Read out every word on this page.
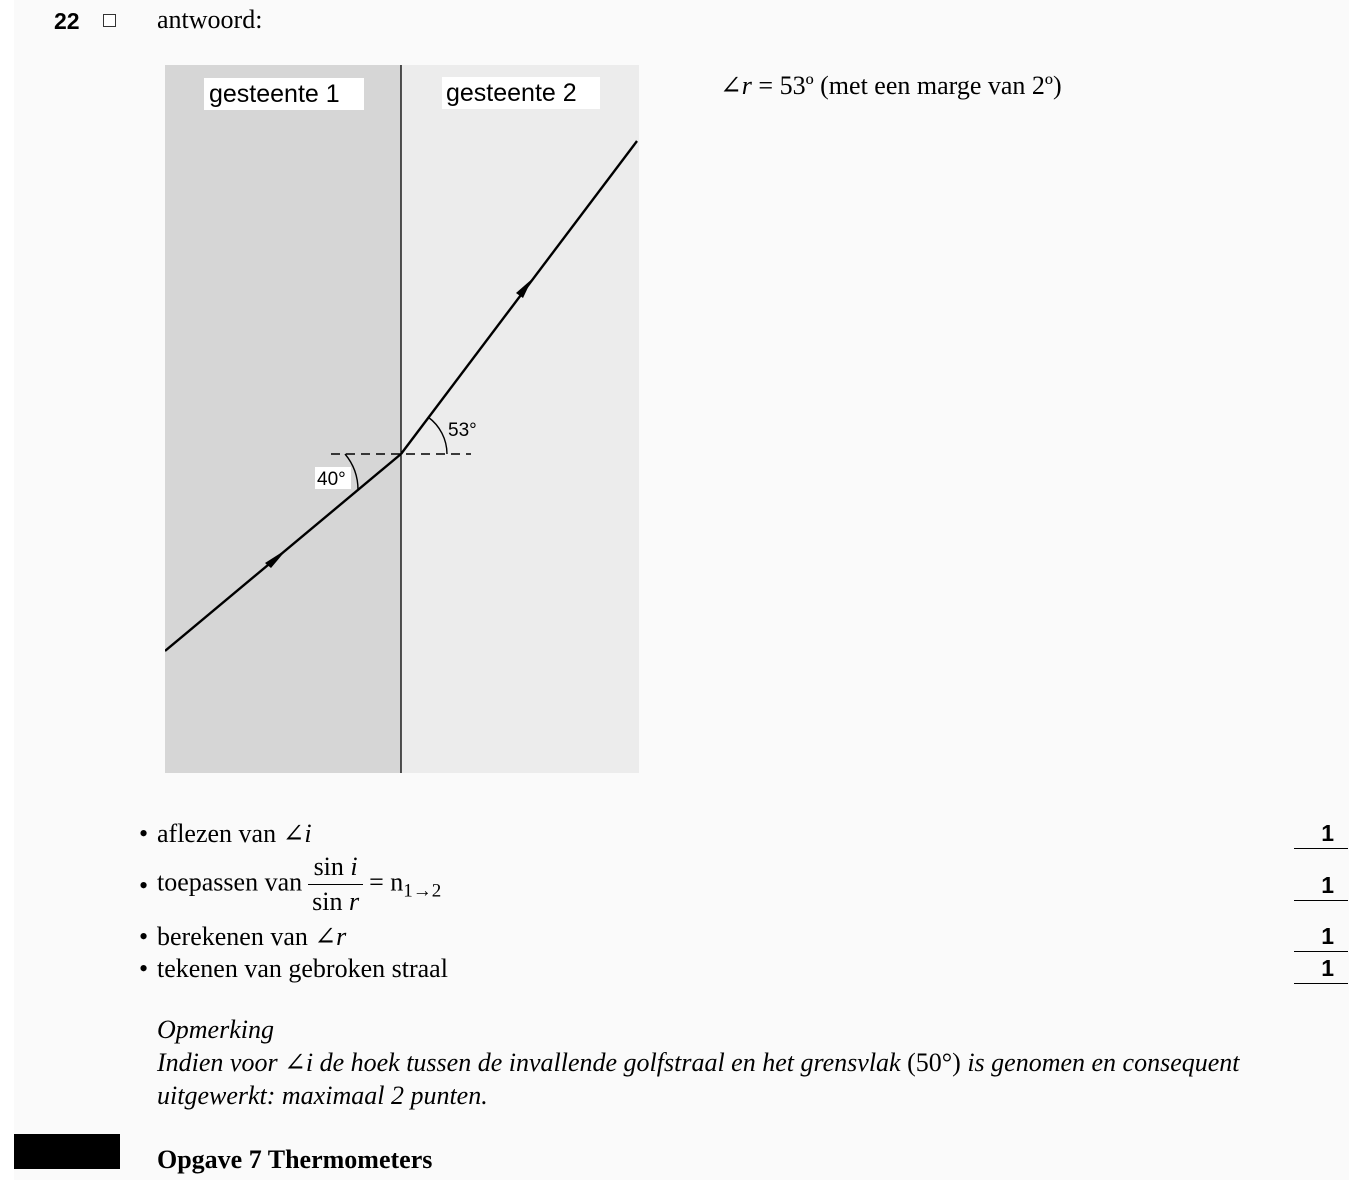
22	antwoord:
gesteente 1	gesteente 2
40°
53°
∠r = 53º (met een marge van 2º)
• aflezen van ∠i	1
• toepassen van $\frac{\text{sin i}}{\text{sin r}} = n_{1\to 2}$	1
• berekenen van ∠r	1
• tekenen van gebroken straal	1
Opmerking
Indien voor ∠i de hoek tussen de invallende golfstraal en het grensvlak (50°) is genomen en consequent uitgewerkt: maximaal 2 punten.
Opgave 7 Thermometers
